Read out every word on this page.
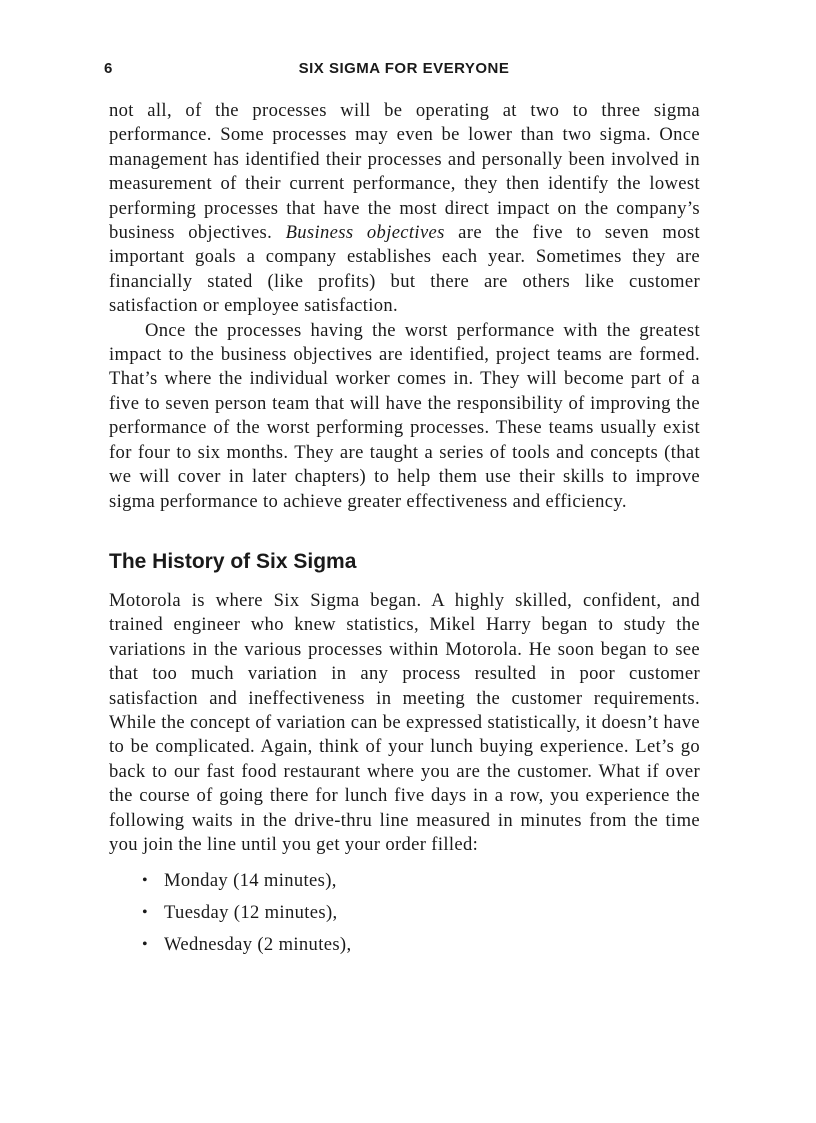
6	SIX SIGMA FOR EVERYONE

not all, of the processes will be operating at two to three sigma performance. Some processes may even be lower than two sigma. Once management has identified their processes and personally been involved in measurement of their current performance, they then identify the lowest performing processes that have the most direct impact on the company’s business objectives. Business objectives are the five to seven most important goals a company establishes each year. Sometimes they are financially stated (like profits) but there are others like customer satisfaction or employee satisfaction.

Once the processes having the worst performance with the greatest impact to the business objectives are identified, project teams are formed. That’s where the individual worker comes in. They will become part of a five to seven person team that will have the responsibility of improving the performance of the worst performing processes. These teams usually exist for four to six months. They are taught a series of tools and concepts (that we will cover in later chapters) to help them use their skills to improve sigma performance to achieve greater effectiveness and efficiency.

The History of Six Sigma

Motorola is where Six Sigma began. A highly skilled, confident, and trained engineer who knew statistics, Mikel Harry began to study the variations in the various processes within Motorola. He soon began to see that too much variation in any process resulted in poor customer satisfaction and ineffectiveness in meeting the customer requirements. While the concept of variation can be expressed statistically, it doesn’t have to be complicated. Again, think of your lunch buying experience. Let’s go back to our fast food restaurant where you are the customer. What if over the course of going there for lunch five days in a row, you experience the following waits in the drive-thru line measured in minutes from the time you join the line until you get your order filled:

• Monday (14 minutes),
• Tuesday (12 minutes),
• Wednesday (2 minutes),
